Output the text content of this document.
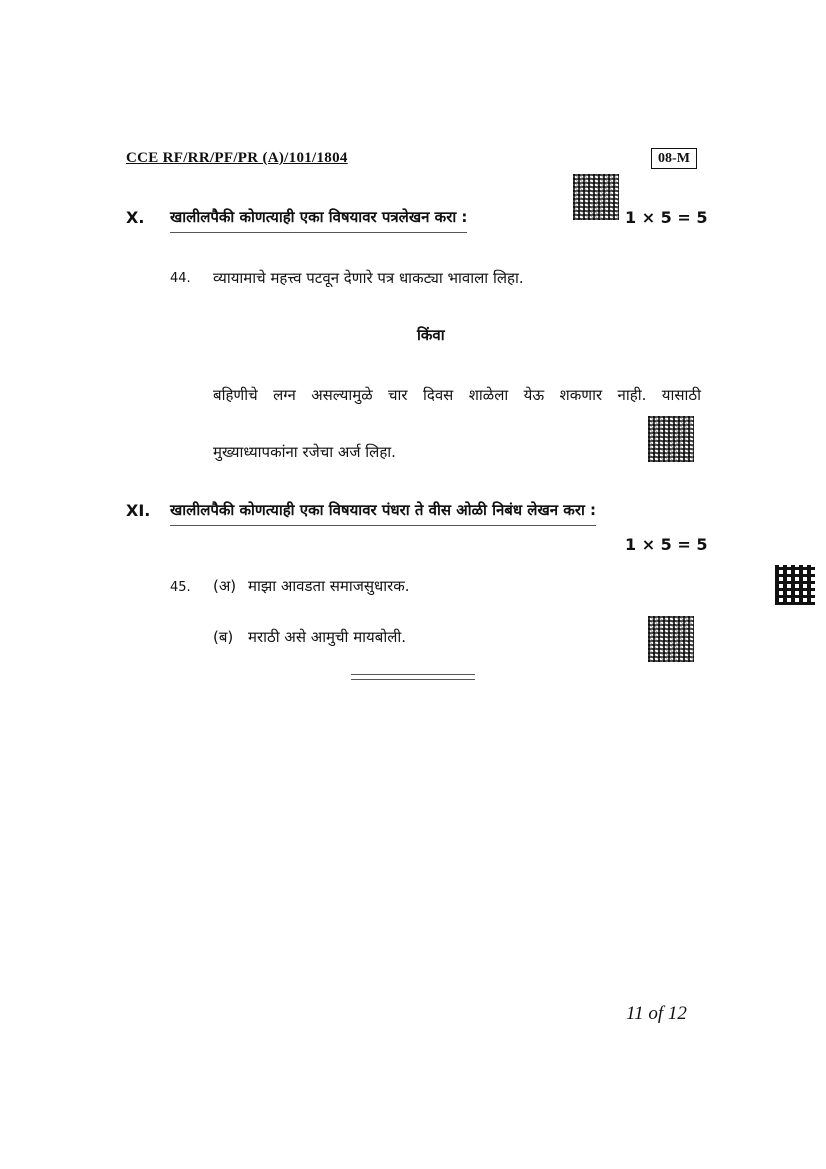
CCE RF/RR/PF/PR (A)/101/1804	08-M
X. खालीलपैकी कोणत्याही एका विषयावर पत्रलेखन करा :	1 × 5 = 5
44. व्यायामाचे महत्त्व पटवून देणारे पत्र धाकट्या भावाला लिहा.
किंवा
बहिणीचे लग्न असल्यामुळे चार दिवस शाळेला येऊ शकणार नाही. यासाठी
मुख्याध्यापकांना रजेचा अर्ज लिहा.
XI. खालीलपैकी कोणत्याही एका विषयावर पंधरा ते वीस ओळी निबंध लेखन करा :
1 × 5 = 5
45. (अ) माझा आवडता समाजसुधारक.
(ब) मराठी असे आमुची मायबोली.
11 of 12
